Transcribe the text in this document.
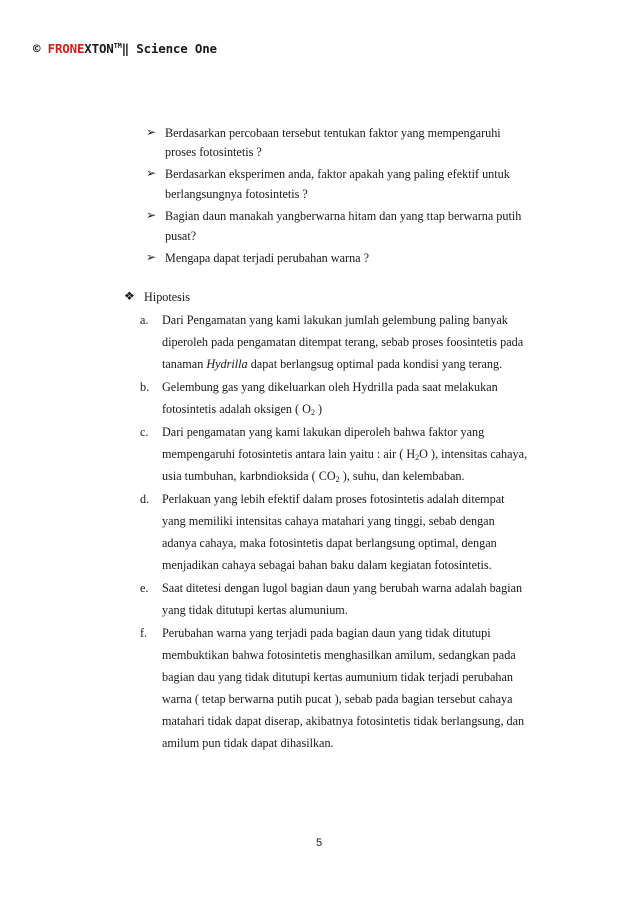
© FRONEXTON™‖ Science One
➢ Berdasarkan percobaan tersebut tentukan faktor yang mempengaruhi
proses fotosintetis ?
➢ Berdasarkan eksperimen anda, faktor apakah yang paling efektif untuk
berlangsungnya fotosintetis ?
➢ Bagian daun manakah yangberwarna hitam dan yang ttap berwarna putih
pusat?
➢ Mengapa dapat terjadi perubahan warna ?
❖ Hipotesis
a. Dari Pengamatan yang kami lakukan jumlah gelembung paling banyak
diperoleh pada pengamatan ditempat terang, sebab proses foosintetis pada
tanaman Hydrilla dapat berlangsug optimal pada kondisi yang terang.
b. Gelembung gas yang dikeluarkan oleh Hydrilla pada saat melakukan
fotosintetis adalah oksigen ( $O_2$ )
c. Dari pengamatan yang kami lakukan diperoleh bahwa faktor yang
mempengaruhi fotosintetis antara lain yaitu : air ( $H_2O$ ), intensitas cahaya,
usia tumbuhan, karbndioksida ( $CO_2$ ), suhu, dan kelembaban.
d. Perlakuan yang lebih efektif dalam proses fotosintetis adalah ditempat
yang memiliki intensitas cahaya matahari yang tinggi, sebab dengan
adanya cahaya, maka fotosintetis dapat berlangsung optimal, dengan
menjadikan cahaya sebagai bahan baku dalam kegiatan fotosintetis.
e. Saat ditetesi dengan lugol bagian daun yang berubah warna adalah bagian
yang tidak ditutupi kertas alumunium.
f. Perubahan warna yang terjadi pada bagian daun yang tidak ditutupi
membuktikan bahwa fotosintetis menghasilkan amilum, sedangkan pada
bagian dau yang tidak ditutupi kertas aumunium tidak terjadi perubahan
warna ( tetap berwarna putih pucat ), sebab pada bagian tersebut cahaya
matahari tidak dapat diserap, akibatnya fotosintetis tidak berlangsung, dan
amilum pun tidak dapat dihasilkan.
5
